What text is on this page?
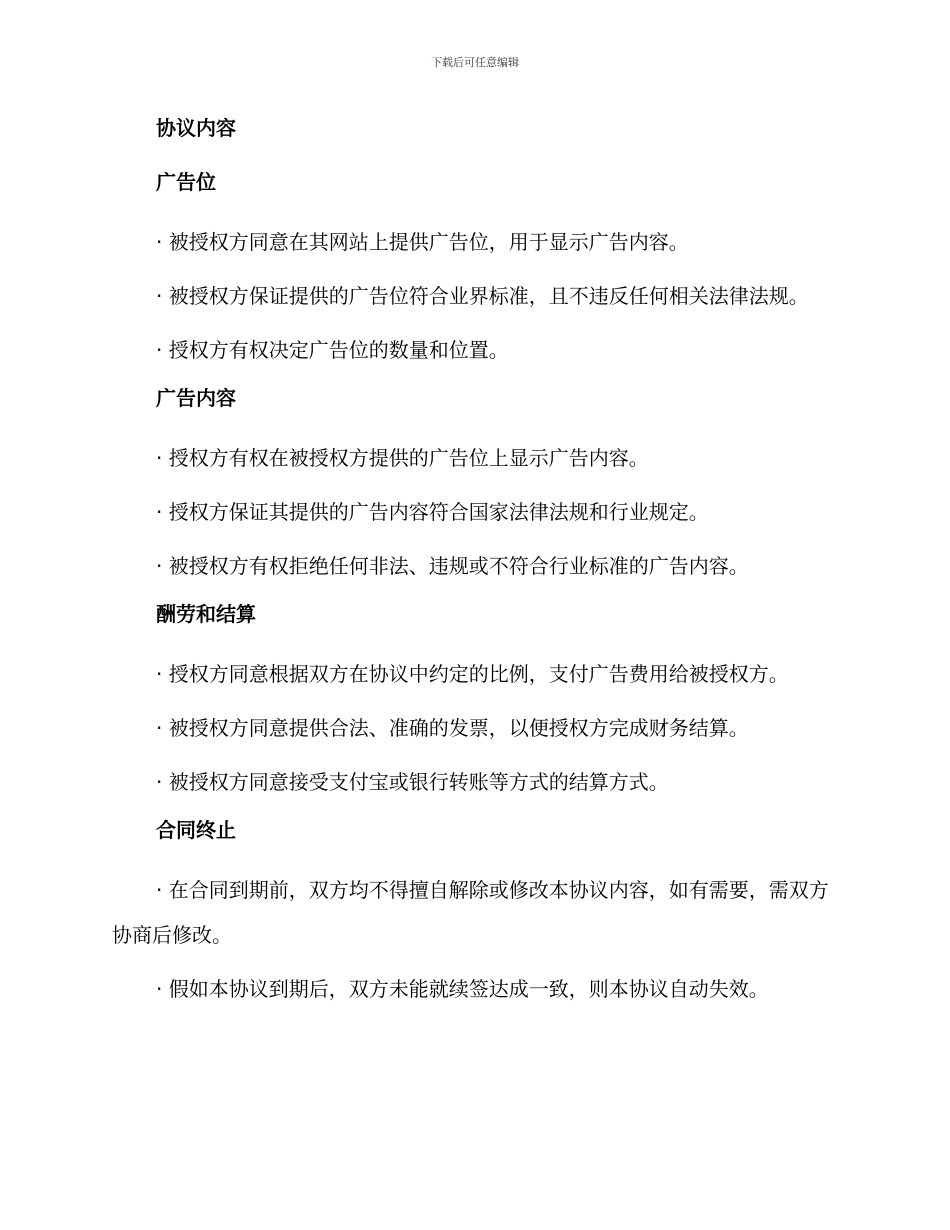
下载后可任意编辑
协议内容
广告位

· 被授权方同意在其网站上提供广告位，用于显示广告内容。

· 被授权方保证提供的广告位符合业界标准，且不违反任何相关法律法规。

· 授权方有权决定广告位的数量和位置。

广告内容

· 授权方有权在被授权方提供的广告位上显示广告内容。

· 授权方保证其提供的广告内容符合国家法律法规和行业规定。

· 被授权方有权拒绝任何非法、违规或不符合行业标准的广告内容。

酬劳和结算

· 授权方同意根据双方在协议中约定的比例，支付广告费用给被授权方。

· 被授权方同意提供合法、准确的发票，以便授权方完成财务结算。

· 被授权方同意接受支付宝或银行转账等方式的结算方式。

合同终止

· 在合同到期前，双方均不得擅自解除或修改本协议内容，如有需要，需双方协商后修改。

· 假如本协议到期后，双方未能就续签达成一致，则本协议自动失效。
